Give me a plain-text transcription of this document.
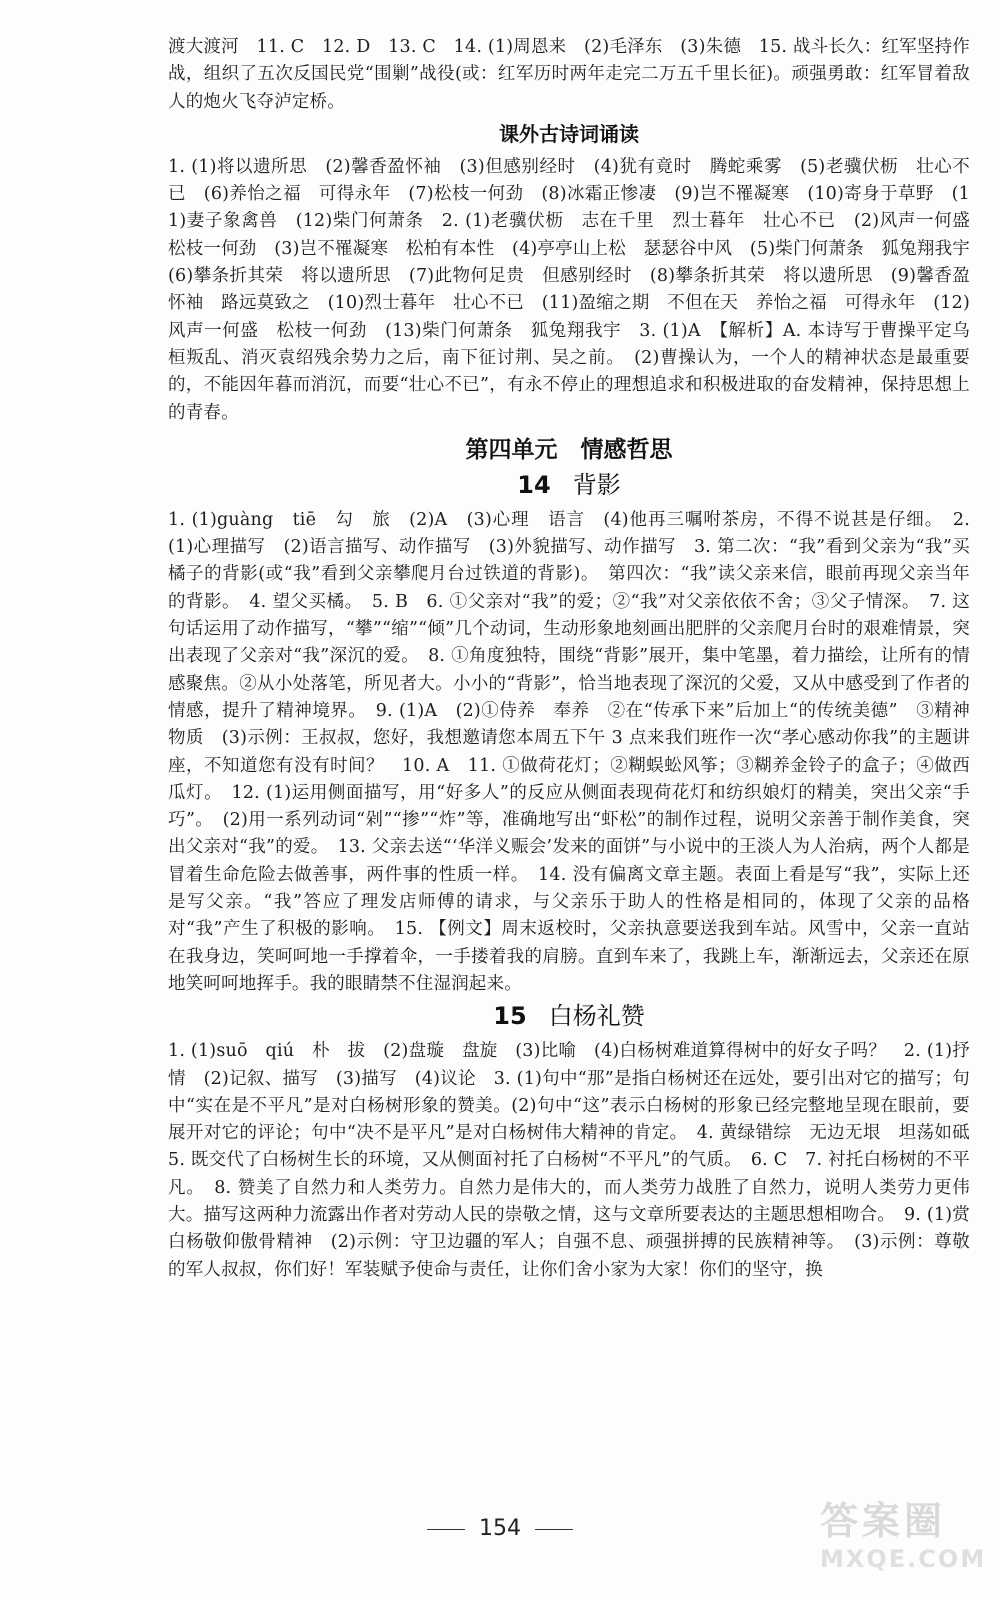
渡大渡河　11. C　12. D　13. C　14. (1)周恩来　(2)毛泽东　(3)朱德　15. 战斗长久：红军坚持作战，组织了五次反国民党“围剿”战役(或：红军历时两年走完二万五千里长征)。顽强勇敢：红军冒着敌人的炮火飞夺泸定桥。

课外古诗词诵读

1. (1)将以遗所思　(2)馨香盈怀袖　(3)但感别经时　(4)犹有竟时　腾蛇乘雾　(5)老骥伏枥　壮心不已　(6)养怡之福　可得永年　(7)松枝一何劲　(8)冰霜正惨凄　(9)岂不罹凝寒　(10)寄身于草野　(11)妻子象禽兽　(12)柴门何萧条　2. (1)老骥伏枥　志在千里　烈士暮年　壮心不已　(2)风声一何盛　松枝一何劲　(3)岂不罹凝寒　松柏有本性　(4)亭亭山上松　瑟瑟谷中风　(5)柴门何萧条　狐兔翔我宇　(6)攀条折其荣　将以遗所思　(7)此物何足贵　但感别经时　(8)攀条折其荣　将以遗所思　(9)馨香盈怀袖　路远莫致之　(10)烈士暮年　壮心不已　(11)盈缩之期　不但在天　养怡之福　可得永年　(12)风声一何盛　松枝一何劲　(13)柴门何萧条　狐兔翔我宇　3. (1)A　【解析】A. 本诗写于曹操平定乌桓叛乱、消灭袁绍残余势力之后，南下征讨荆、吴之前。　(2)曹操认为，一个人的精神状态是最重要的，不能因年暮而消沉，而要“壮心不已”，有永不停止的理想追求和积极进取的奋发精神，保持思想上的青春。

第四单元　情感哲思
14 背影

1. (1)guàng　tiē　勾　旅　(2)A　(3)心理　语言　(4)他再三嘱咐茶房，不得不说甚是仔细。　2. (1)心理描写　(2)语言描写、动作描写　(3)外貌描写、动作描写　3. 第二次：“我”看到父亲为“我”买橘子的背影(或“我”看到父亲攀爬月台过铁道的背影)。　第四次：“我”读父亲来信，眼前再现父亲当年的背影。　4. 望父买橘。　5. B　6. ①父亲对“我”的爱；②“我”对父亲依依不舍；③父子情深。　7. 这句话运用了动作描写，“攀”“缩”“倾”几个动词，生动形象地刻画出肥胖的父亲爬月台时的艰难情景，突出表现了父亲对“我”深沉的爱。　8. ①角度独特，围绕“背影”展开，集中笔墨，着力描绘，让所有的情感聚焦。②从小处落笔，所见者大。小小的“背影”，恰当地表现了深沉的父爱，又从中感受到了作者的情感，提升了精神境界。　9. (1)A　(2)①侍养　奉养　②在“传承下来”后加上“的传统美德”　③精神　物质　(3)示例：王叔叔，您好，我想邀请您本周五下午 3 点来我们班作一次“孝心感动你我”的主题讲座，不知道您有没有时间？　10. A　11. ①做荷花灯；②糊蜈蚣风筝；③糊养金铃子的盒子；④做西瓜灯。　12. (1)运用侧面描写，用“好多人”的反应从侧面表现荷花灯和纺织娘灯的精美，突出父亲“手巧”。　(2)用一系列动词“剁”“掺”“炸”等，准确地写出“虾松”的制作过程，说明父亲善于制作美食，突出父亲对“我”的爱。　13. 父亲去送“‘华洋义赈会’发来的面饼”与小说中的王淡人为人治病，两个人都是冒着生命危险去做善事，两件事的性质一样。　14. 没有偏离文章主题。表面上看是写“我”，实际上还是写父亲。“我”答应了理发店师傅的请求，与父亲乐于助人的性格是相同的，体现了父亲的品格对“我”产生了积极的影响。　15. 【例文】周末返校时，父亲执意要送我到车站。风雪中，父亲一直站在我身边，笑呵呵地一手撑着伞，一手搂着我的肩膀。直到车来了，我跳上车，渐渐远去，父亲还在原地笑呵呵地挥手。我的眼睛禁不住湿润起来。

15 白杨礼赞

1. (1)suō　qiú　朴　拔　(2)盘璇　盘旋　(3)比喻　(4)白杨树难道算得树中的好女子吗？　2. (1)抒情　(2)记叙、描写　(3)描写　(4)议论　3. (1)句中“那”是指白杨树还在远处，要引出对它的描写；句中“实在是不平凡”是对白杨树形象的赞美。(2)句中“这”表示白杨树的形象已经完整地呈现在眼前，要展开对它的评论；句中“决不是平凡”是对白杨树伟大精神的肯定。　4. 黄绿错综　无边无垠　坦荡如砥　5. 既交代了白杨树生长的环境，又从侧面衬托了白杨树“不平凡”的气质。　6. C　7. 衬托白杨树的不平凡。　8. 赞美了自然力和人类劳力。自然力是伟大的，而人类劳力战胜了自然力，说明人类劳力更伟大。描写这两种力流露出作者对劳动人民的崇敬之情，这与文章所要表达的主题思想相吻合。　9. (1)赏白杨敬仰傲骨精神　(2)示例：守卫边疆的军人；自强不息、顽强拼搏的民族精神等。　(3)示例：尊敬的军人叔叔，你们好！军装赋予使命与责任，让你们舍小家为大家！你们的坚守，换

154	答案圈
MXQE.COM
